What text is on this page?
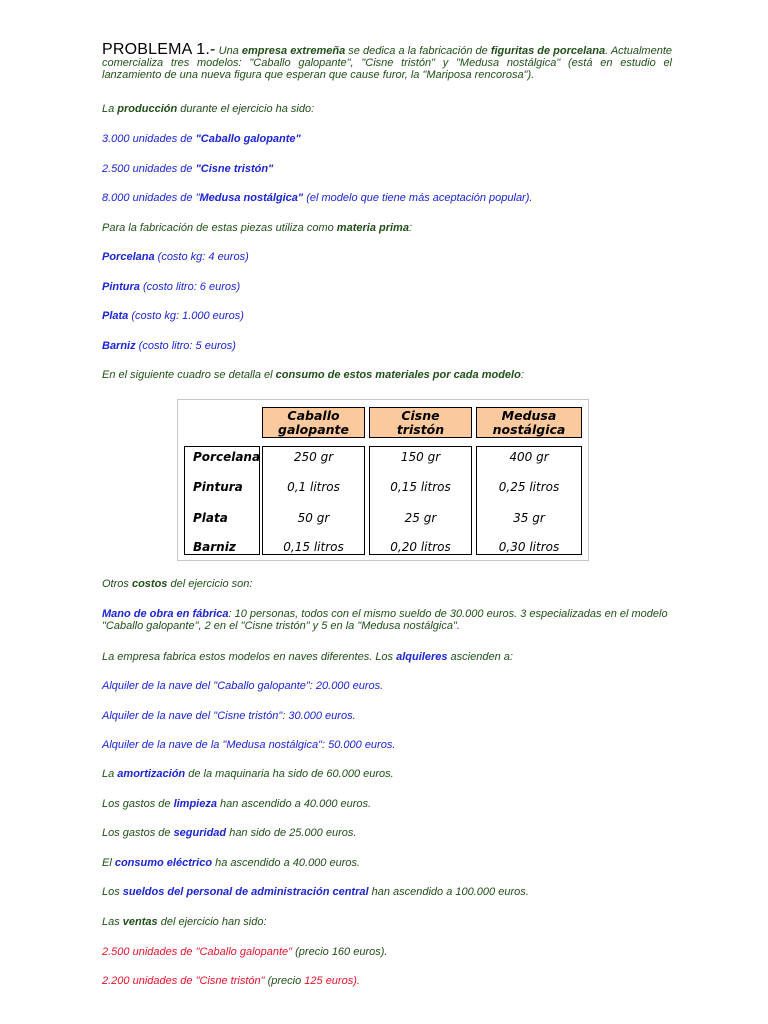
PROBLEMA 1.- Una empresa extremeña se dedica a la fabricación de figuritas de porcelana. Actualmente comercializa tres modelos: "Caballo galopante", "Cisne tristón" y "Medusa nostálgica" (está en estudio el lanzamiento de una nueva figura que esperan que cause furor, la "Mariposa rencorosa").

La producción durante el ejercicio ha sido:

3.000 unidades de "Caballo galopante"

2.500 unidades de "Cisne tristón"

8.000 unidades de "Medusa nostálgica" (el modelo que tiene más aceptación popular).

Para la fabricación de estas piezas utiliza como materia prima:

Porcelana (costo kg: 4 euros)

Pintura (costo litro: 6 euros)

Plata (costo kg: 1.000 euros)

Barniz (costo litro: 5 euros)

En el siguiente cuadro se detalla el consumo de estos materiales por cada modelo:

Caballo
galopante
Cisne
tristón
Medusa
nostálgica
Porcelana
Pintura
Plata
Barniz
250 gr
0,1 litros
50 gr
0,15 litros
150 gr
0,15 litros
25 gr
0,20 litros
400 gr
0,25 litros
35 gr
0,30 litros

Otros costos del ejercicio son:

Mano de obra en fábrica: 10 personas, todos con el mismo sueldo de 30.000 euros. 3 especializadas en el modelo "Caballo galopante", 2 en el "Cisne tristón" y 5 en la "Medusa nostálgica".

La empresa fabrica estos modelos en naves diferentes. Los alquileres ascienden a:

Alquiler de la nave del "Caballo galopante": 20.000 euros.

Alquiler de la nave del "Cisne tristón": 30.000 euros.

Alquiler de la nave de la "Medusa nostálgica": 50.000 euros.

La amortización de la maquinaria ha sido de 60.000 euros.

Los gastos de limpieza han ascendido a 40.000 euros.

Los gastos de seguridad han sido de 25.000 euros.

El consumo eléctrico ha ascendido a 40.000 euros.

Los sueldos del personal de administración central han ascendido a 100.000 euros.

Las ventas del ejercicio han sido:

2.500 unidades de "Caballo galopante" (precio 160 euros).

2.200 unidades de "Cisne tristón" (precio 125 euros).
